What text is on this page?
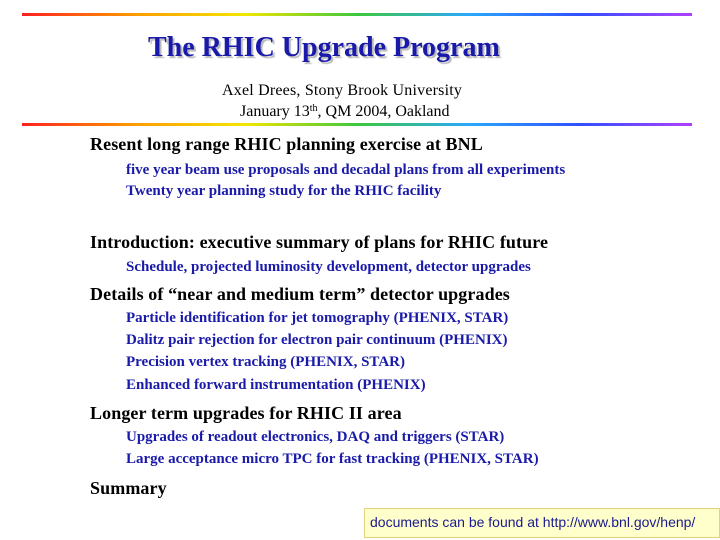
The RHIC Upgrade Program
Axel Drees, Stony Brook University
January 13th, QM 2004, Oakland
Resent long range RHIC planning exercise at BNL
five year beam use proposals and decadal plans from all experiments
Twenty year planning study for the RHIC facility
Introduction: executive summary of plans for RHIC future
Schedule, projected luminosity development, detector upgrades
Details of “near and medium term” detector upgrades
Particle identification for jet tomography (PHENIX, STAR)
Dalitz pair rejection for electron pair continuum (PHENIX)
Precision vertex tracking (PHENIX, STAR)
Enhanced forward instrumentation (PHENIX)
Longer term upgrades for RHIC II area
Upgrades of readout electronics, DAQ and triggers (STAR)
Large acceptance micro TPC for fast tracking (PHENIX, STAR)
Summary
documents can be found at http://www.bnl.gov/henp/
